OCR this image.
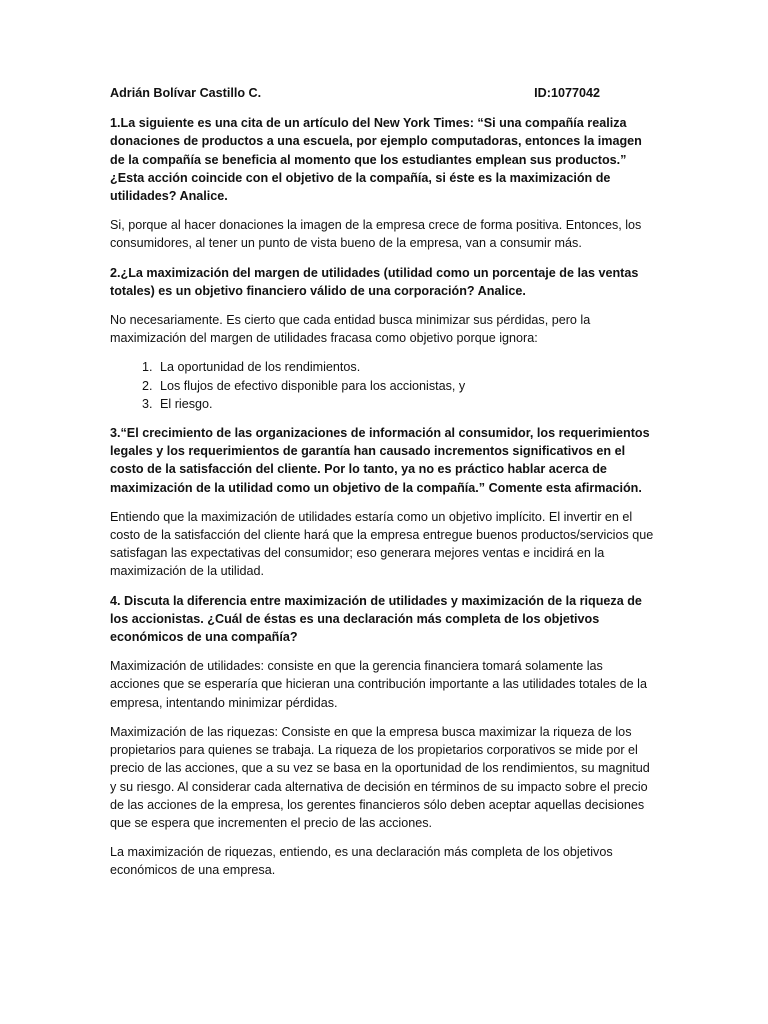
Adrián Bolívar Castillo C.	ID:1077042

1.La siguiente es una cita de un artículo del New York Times: “Si una compañía realiza donaciones de productos a una escuela, por ejemplo computadoras, entonces la imagen de la compañía se beneficia al momento que los estudiantes emplean sus productos.” ¿Esta acción coincide con el objetivo de la compañía, si éste es la maximización de utilidades? Analice.

Si, porque al hacer donaciones la imagen de la empresa crece de forma positiva. Entonces, los consumidores, al tener un punto de vista bueno de la empresa, van a consumir más.

2.¿La maximización del margen de utilidades (utilidad como un porcentaje de las ventas totales) es un objetivo financiero válido de una corporación? Analice.

No necesariamente. Es cierto que cada entidad busca minimizar sus pérdidas, pero la maximización del margen de utilidades fracasa como objetivo porque ignora:

1. La oportunidad de los rendimientos.
2. Los flujos de efectivo disponible para los accionistas, y
3. El riesgo.

3.“El crecimiento de las organizaciones de información al consumidor, los requerimientos legales y los requerimientos de garantía han causado incrementos significativos en el costo de la satisfacción del cliente. Por lo tanto, ya no es práctico hablar acerca de maximización de la utilidad como un objetivo de la compañía.” Comente esta afirmación.

Entiendo que la maximización de utilidades estaría como un objetivo implícito. El invertir en el costo de la satisfacción del cliente hará que la empresa entregue buenos productos/servicios que satisfagan las expectativas del consumidor; eso generara mejores ventas e incidirá en la maximización de la utilidad.

4. Discuta la diferencia entre maximización de utilidades y maximización de la riqueza de los accionistas. ¿Cuál de éstas es una declaración más completa de los objetivos económicos de una compañía?

Maximización de utilidades: consiste en que la gerencia financiera tomará solamente las acciones que se esperaría que hicieran una contribución importante a las utilidades totales de la empresa, intentando minimizar pérdidas.

Maximización de las riquezas: Consiste en que la empresa busca maximizar la riqueza de los propietarios para quienes se trabaja. La riqueza de los propietarios corporativos se mide por el precio de las acciones, que a su vez se basa en la oportunidad de los rendimientos, su magnitud y su riesgo. Al considerar cada alternativa de decisión en términos de su impacto sobre el precio de las acciones de la empresa, los gerentes financieros sólo deben aceptar aquellas decisiones que se espera que incrementen el precio de las acciones.

La maximización de riquezas, entiendo, es una declaración más completa de los objetivos económicos de una empresa.
